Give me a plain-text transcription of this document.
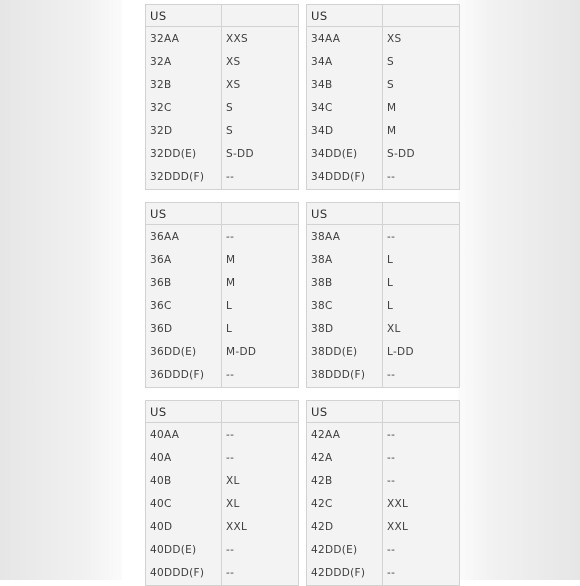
US	
32AA	XXS
32A	XS
32B	XS
32C	S
32D	S
32DD(E)	S-DD
32DDD(F)	--
US	
34AA	XS
34A	S
34B	S
34C	M
34D	M
34DD(E)	S-DD
34DDD(F)	--
US	
36AA	--
36A	M
36B	M
36C	L
36D	L
36DD(E)	M-DD
36DDD(F)	--
US	
38AA	--
38A	L
38B	L
38C	L
38D	XL
38DD(E)	L-DD
38DDD(F)	--
US	
40AA	--
40A	--
40B	XL
40C	XL
40D	XXL
40DD(E)	--
40DDD(F)	--
US	
42AA	--
42A	--
42B	--
42C	XXL
42D	XXL
42DD(E)	--
42DDD(F)	--
